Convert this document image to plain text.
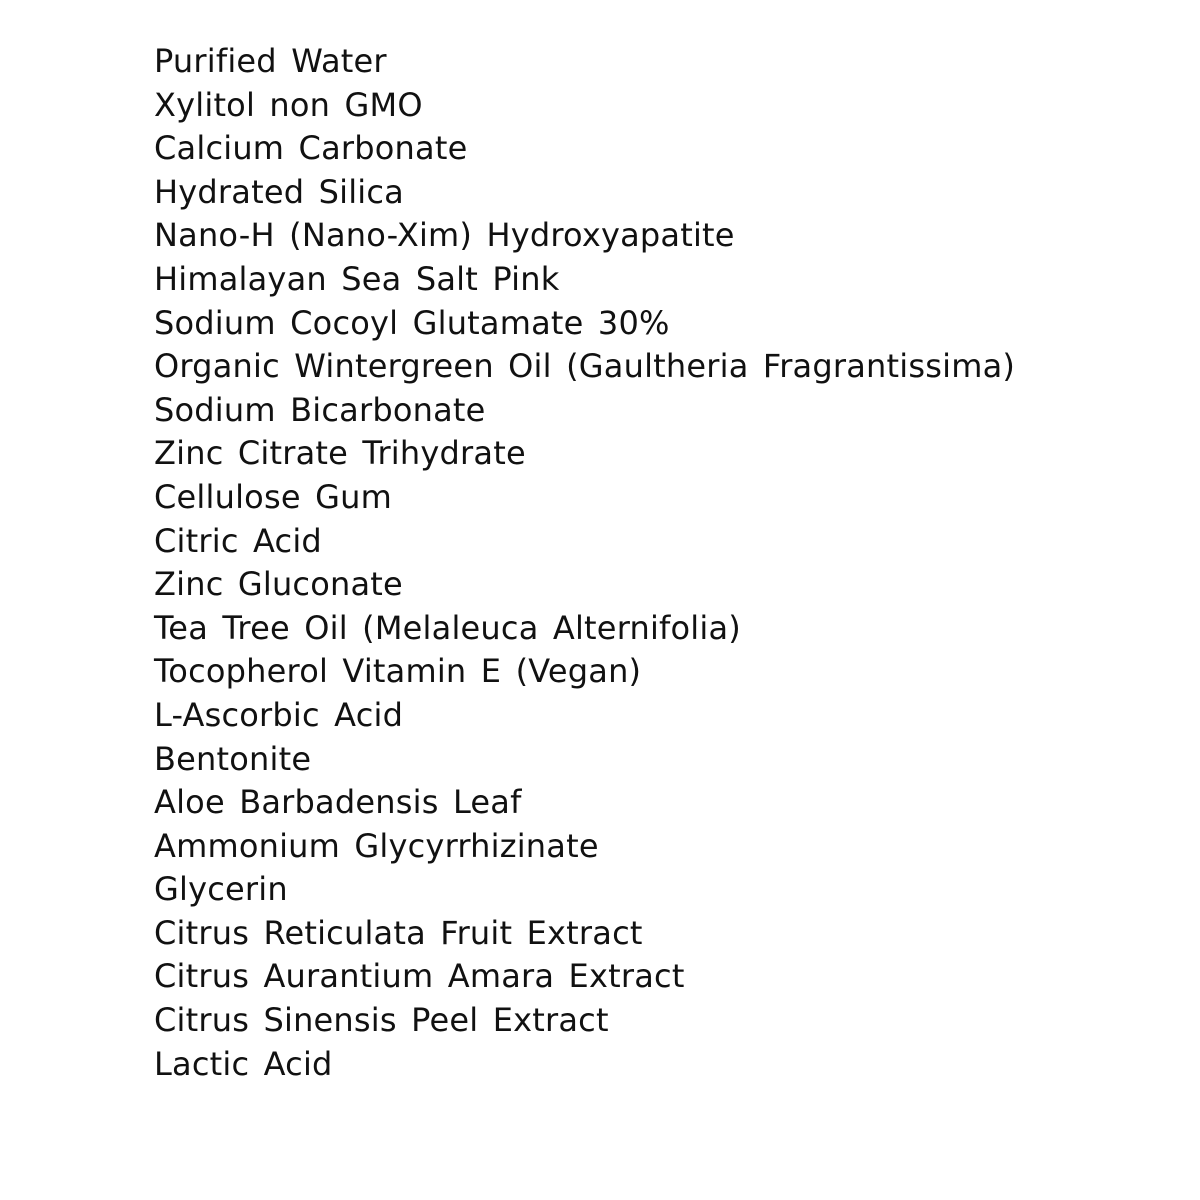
Purified Water
Xylitol non GMO
Calcium Carbonate
Hydrated Silica
Nano-H (Nano-Xim) Hydroxyapatite
Himalayan Sea Salt Pink
Sodium Cocoyl Glutamate 30%
Organic Wintergreen Oil (Gaultheria Fragrantissima)
Sodium Bicarbonate
Zinc Citrate Trihydrate
Cellulose Gum
Citric Acid
Zinc Gluconate
Tea Tree Oil (Melaleuca Alternifolia)
Tocopherol Vitamin E (Vegan)
L-Ascorbic Acid
Bentonite
Aloe Barbadensis Leaf
Ammonium Glycyrrhizinate
Glycerin
Citrus Reticulata Fruit Extract
Citrus Aurantium Amara Extract
Citrus Sinensis Peel Extract
Lactic Acid
